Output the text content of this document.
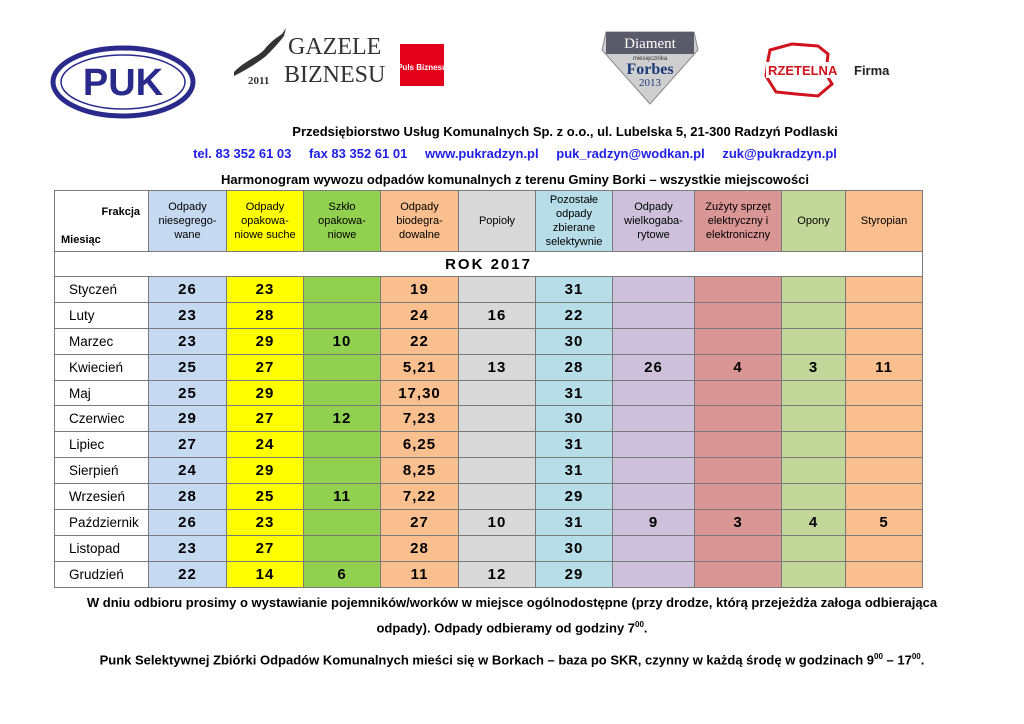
PUK	2011
GAZELE
BIZNESU Puls Biznesu
Diament
miesięcznika
Forbes
2013
RZETELNA Firma
Przedsiębiorstwo Usług Komunalnych Sp. z o.o., ul. Lubelska 5, 21-300 Radzyń Podlaski
tel. 83 352 61 03 fax 83 352 61 01 www.pukradzyn.pl puk_radzyn@wodkan.pl zuk@pukradzyn.pl
Harmonogram wywozu odpadów komunalnych z terenu Gminy Borki – wszystkie miejscowości
Frakcja
Miesiąc	Odpady niesegrego-wane	Odpady opakowa-niowe suche	Szkło opakowa-niowe	Odpady biodegra-dowalne	Popioły	Pozostałe odpady zbierane selektywnie	Odpady wielkogaba-rytowe	Zużyty sprzęt elektryczny i elektroniczny	Opony	Styropian
ROK 2017										
Styczeń	26	23		19		31				
Luty	23	28		24	16	22				
Marzec	23	29	10	22		30				
Kwiecień	25	27		5,21	13	28	26	4	3	11
Maj	25	29		17,30		31				
Czerwiec	29	27	12	7,23		30				
Lipiec	27	24		6,25		31				
Sierpień	24	29		8,25		31				
Wrzesień	28	25	11	7,22		29				
Październik	26	23		27	10	31	9	3	4	5
Listopad	23	27		28		30				
Grudzień	22	14	6	11	12	29				
W dniu odbioru prosimy o wystawianie pojemników/worków w miejsce ogólnodostępne (przy drodze, którą przejeżdża załoga odbierająca
odpady). Odpady odbieramy od godziny $7^{00}$.
Punk Selektywnej Zbiórki Odpadów Komunalnych mieści się w Borkach – baza po SKR, czynny w każdą środę w godzinach $9^{00} - 17^{00}$.
